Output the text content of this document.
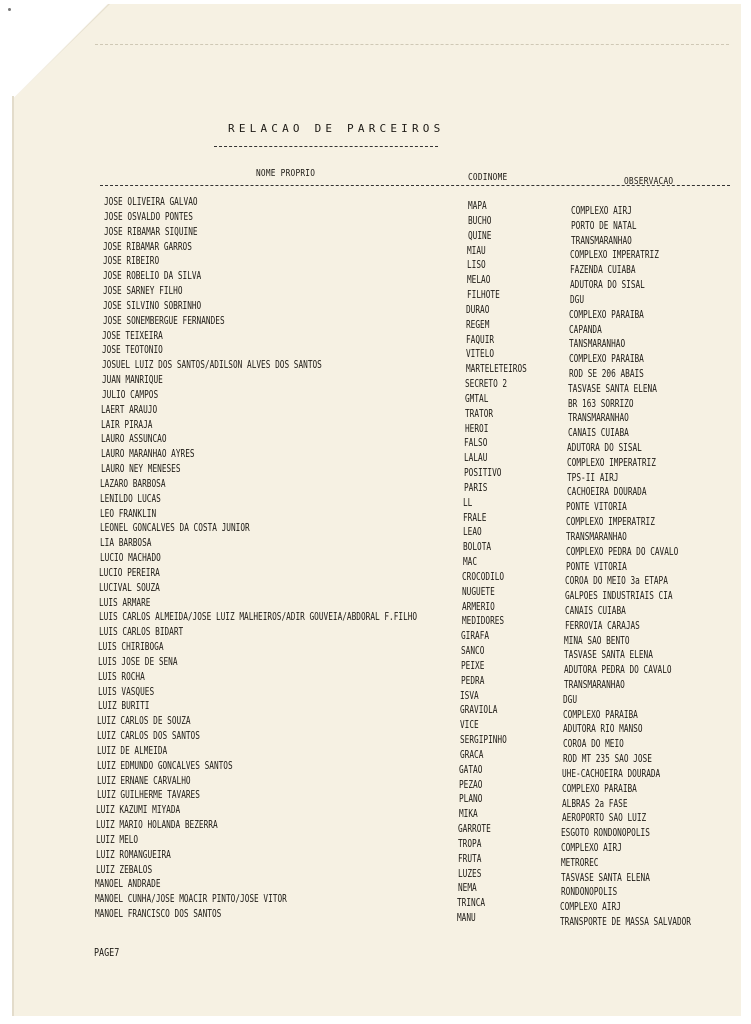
RELACAO DE PARCEIROS
NOME PROPRIO	CODINOME	OBSERVACAO
JOSE OLIVEIRA GALVAO	MAPA	COMPLEXO AIRJ
JOSE OSVALDO PONTES	BUCHO	PORTO DE NATAL
JOSE RIBAMAR SIQUINE	QUINE	TRANSMARANHAO
JOSE RIBAMAR GARROS	MIAU	COMPLEXO IMPERATRIZ
JOSE RIBEIRO	LISO	FAZENDA CUIABA
JOSE ROBELIO DA SILVA	MELAO	ADUTORA DO SISAL
JOSE SARNEY FILHO	FILHOTE	DGU
JOSE SILVINO SOBRINHO	DURAO	COMPLEXO PARAIBA
JOSE SONEMBERGUE FERNANDES	REGEM	CAPANDA
JOSE TEIXEIRA	FAQUIR	TANSMARANHAO
JOSE TEOTONIO	VITELO	COMPLEXO PARAIBA
JOSUEL LUIZ DOS SANTOS/ADILSON ALVES DOS SANTOS	MARTELETEIROS	ROD SE 206 ABAIS
JUAN MANRIQUE	SECRETO 2	TASVASE SANTA ELENA
JULIO CAMPOS	GMTAL	BR 163 SORRIZO
LAERT ARAUJO	TRATOR	TRANSMARANHAO
LAIR PIRAJA	HEROI	CANAIS CUIABA
LAURO ASSUNCAO	FALSO	ADUTORA DO SISAL
LAURO MARANHAO AYRES	LALAU	COMPLEXO IMPERATRIZ
LAURO NEY MENESES	POSITIVO	TPS-II AIRJ
LAZARO BARBOSA	PARIS	CACHOEIRA DOURADA
LENILDO LUCAS	LL	PONTE VITORIA
LEO FRANKLIN	FRALE	COMPLEXO IMPERATRIZ
LEONEL GONCALVES DA COSTA JUNIOR	LEAO	TRANSMARANHAO
LIA BARBOSA	BOLOTA	COMPLEXO PEDRA DO CAVALO
LUCIO MACHADO	MAC	PONTE VITORIA
LUCIO PEREIRA	CROCODILO	COROA DO MEIO 3a ETAPA
LUCIVAL SOUZA	NUGUETE	GALPOES INDUSTRIAIS CIA
LUIS ARMARE	ARMERIO	CANAIS CUIABA
LUIS CARLOS ALMEIDA/JOSE LUIZ MALHEIROS/ADIR GOUVEIA/ABDORAL F.FILHO	MEDIDORES	FERROVIA CARAJAS
LUIS CARLOS BIDART	GIRAFA	MINA SAO BENTO
LUIS CHIRIBOGA	SANCO	TASVASE SANTA ELENA
LUIS JOSE DE SENA	PEIXE	ADUTORA PEDRA DO CAVALO
LUIS ROCHA	PEDRA	TRANSMARANHAO
LUIS VASQUES	ISVA	DGU
LUIZ BURITI	GRAVIOLA	COMPLEXO PARAIBA
LUIZ CARLOS DE SOUZA	VICE	ADUTORA RIO MANSO
LUIZ CARLOS DOS SANTOS	SERGIPINHO	COROA DO MEIO
LUIZ DE ALMEIDA	GRACA	ROD MT 235 SAO JOSE
LUIZ EDMUNDO GONCALVES SANTOS	GATAO	UHE-CACHOEIRA DOURADA
LUIZ ERNANE CARVALHO	PEZAO	COMPLEXO PARAIBA
LUIZ GUILHERME TAVARES	PLANO	ALBRAS 2a FASE
LUIZ KAZUMI MIYADA	MIKA	AEROPORTO SAO LUIZ
LUIZ MARIO HOLANDA BEZERRA	GARROTE	ESGOTO RONDONOPOLIS
LUIZ MELO	TROPA	COMPLEXO AIRJ
LUIZ ROMANGUEIRA	FRUTA	METROREC
LUIZ ZEBALOS	LUZES	TASVASE SANTA ELENA
MANOEL ANDRADE	NEMA	RONDONOPOLIS
MANOEL CUNHA/JOSE MOACIR PINTO/JOSE VITOR	TRINCA	COMPLEXO AIRJ
MANOEL FRANCISCO DOS SANTOS	MANU	TRANSPORTE DE MASSA SALVADOR
PAGE7
